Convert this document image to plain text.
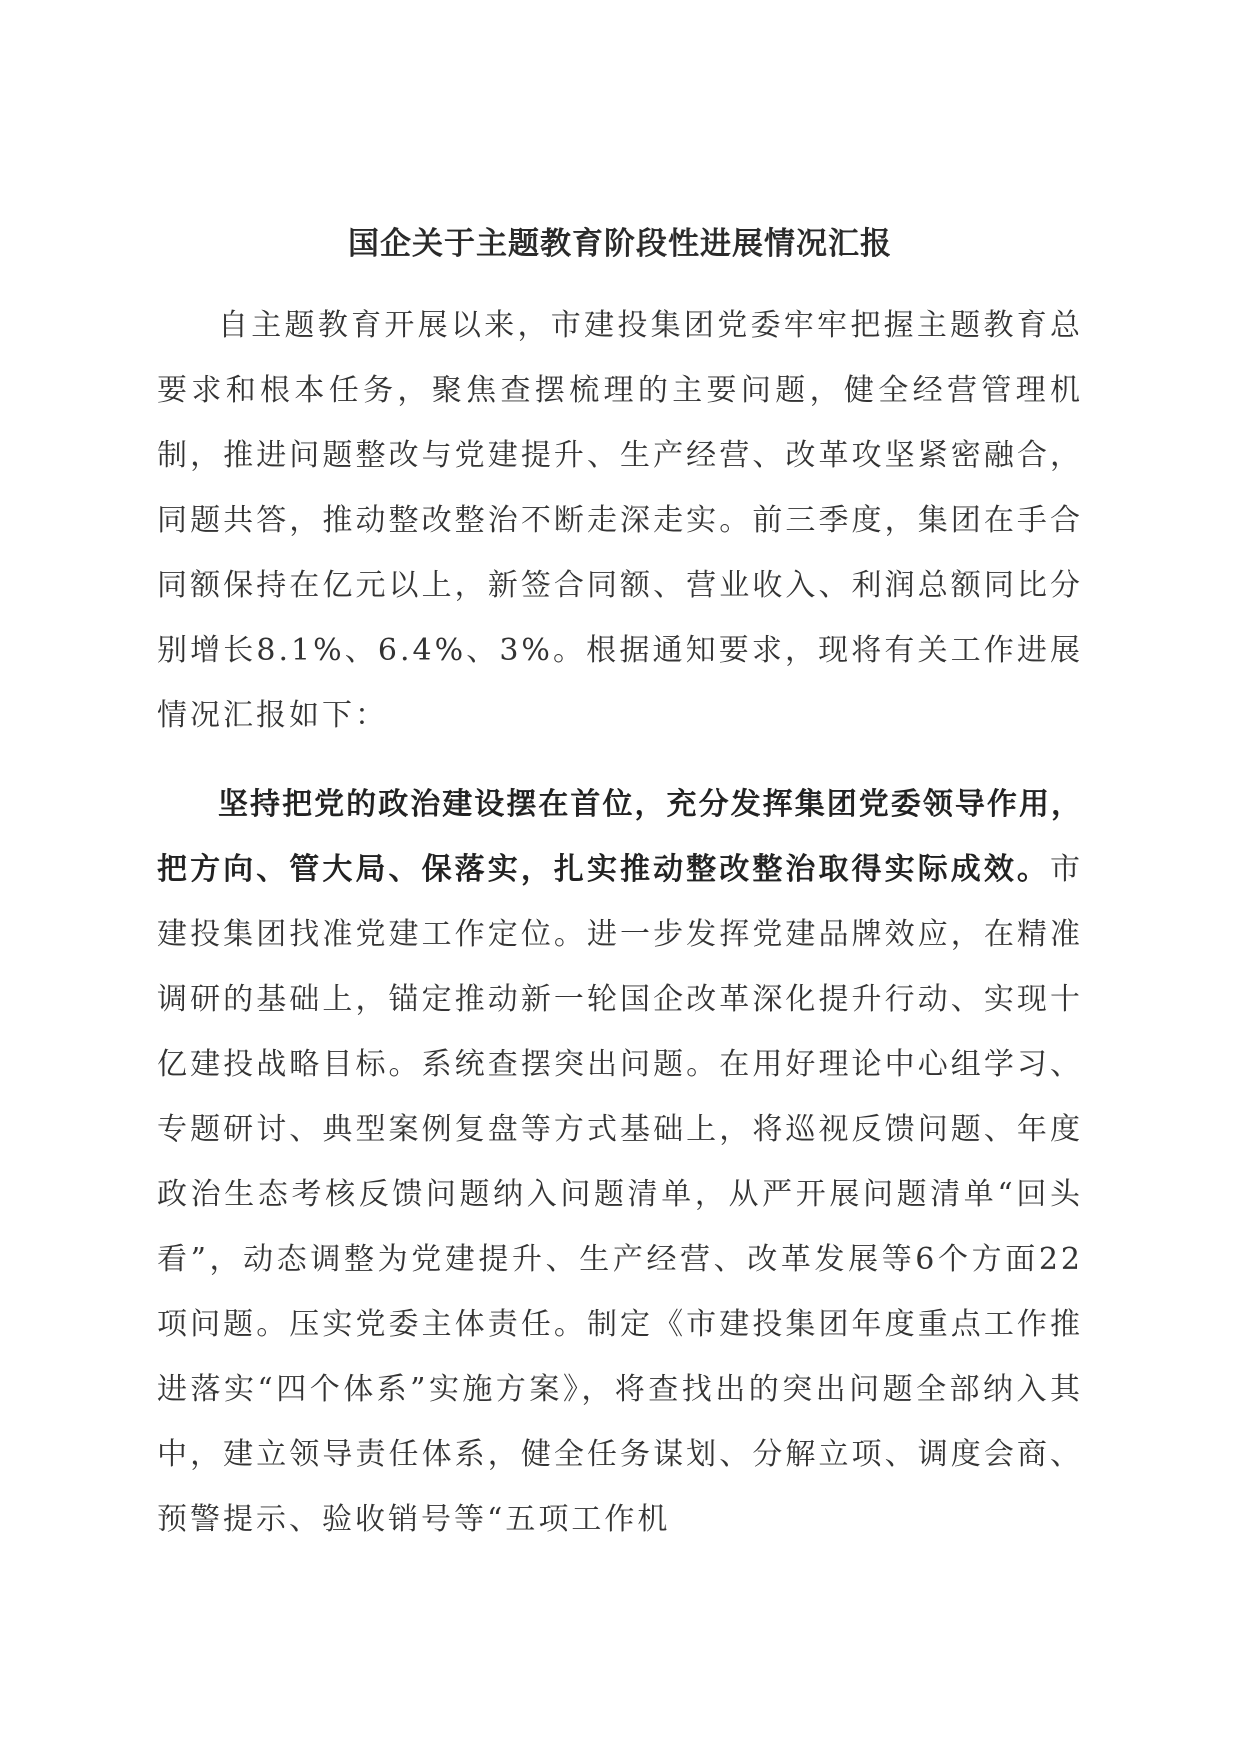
国企关于主题教育阶段性进展情况汇报

自主题教育开展以来，市建投集团党委牢牢把握主题教育总要求和根本任务，聚焦查摆梳理的主要问题，健全经营管理机制，推进问题整改与党建提升、生产经营、改革攻坚紧密融合，同题共答，推动整改整治不断走深走实。前三季度，集团在手合同额保持在亿元以上，新签合同额、营业收入、利润总额同比分别增长8.1%、6.4%、3%。根据通知要求，现将有关工作进展情况汇报如下：

坚持把党的政治建设摆在首位，充分发挥集团党委领导作用，把方向、管大局、保落实，扎实推动整改整治取得实际成效。市建投集团找准党建工作定位。进一步发挥党建品牌效应，在精准调研的基础上，锚定推动新一轮国企改革深化提升行动、实现十亿建投战略目标。系统查摆突出问题。在用好理论中心组学习、专题研讨、典型案例复盘等方式基础上，将巡视反馈问题、年度政治生态考核反馈问题纳入问题清单，从严开展问题清单“回头看”，动态调整为党建提升、生产经营、改革发展等6个方面22项问题。压实党委主体责任。制定《市建投集团年度重点工作推进落实“四个体系”实施方案》，将查找出的突出问题全部纳入其中，建立领导责任体系，健全任务谋划、分解立项、调度会商、预警提示、验收销号等“五项工作机
